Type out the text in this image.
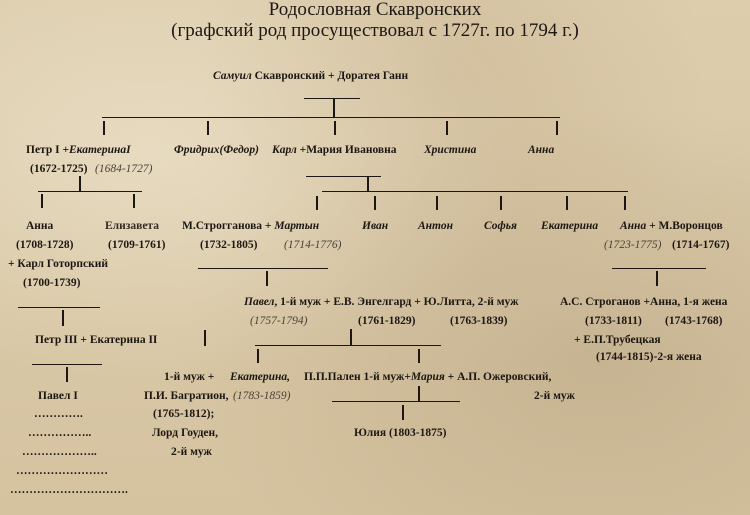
Родословная Скавронских
(графский род просуществовал с 1727г. по 1794 г.)
Самуил Скавронский + Доратея Ганн
Петр I +ЕкатеринаI
(1672-1725) (1684-1727)
Фридрих(Федор) Карл +Мария Ивановна Христина	Анна
Анна
(1708-1728)
+ Карл Готорпский
(1700-1739)
Елизавета
(1709-1761)
М.Строгганова + Мартын
(1732-1805) (1714-1776)
Иван	Антон	Софья Екатерина Анна + М.Воронцов
(1723-1775) (1714-1767)
Петр III + Екатерина II
Павел, 1-й муж + Е.В. Энгелгард + Ю.Литта, 2-й муж
(1757-1794)	(1761-1829)	(1763-1839)
А.С. Строганов +Анна, 1-я жена
(1733-1811) (1743-1768)
+ Е.П.Трубецкая
(1744-1815)-2-я жена
Павел I
………….
……………..
………………..
……………………
………………………….
1-й муж + Екатерина,
П.И. Багратион, (1783-1859)
(1765-1812);
Лорд Гоуден,
2-й муж
П.П.Пален 1-й муж+Мария + А.П. Ожеровский,
2-й муж
Юлия (1803-1875)
